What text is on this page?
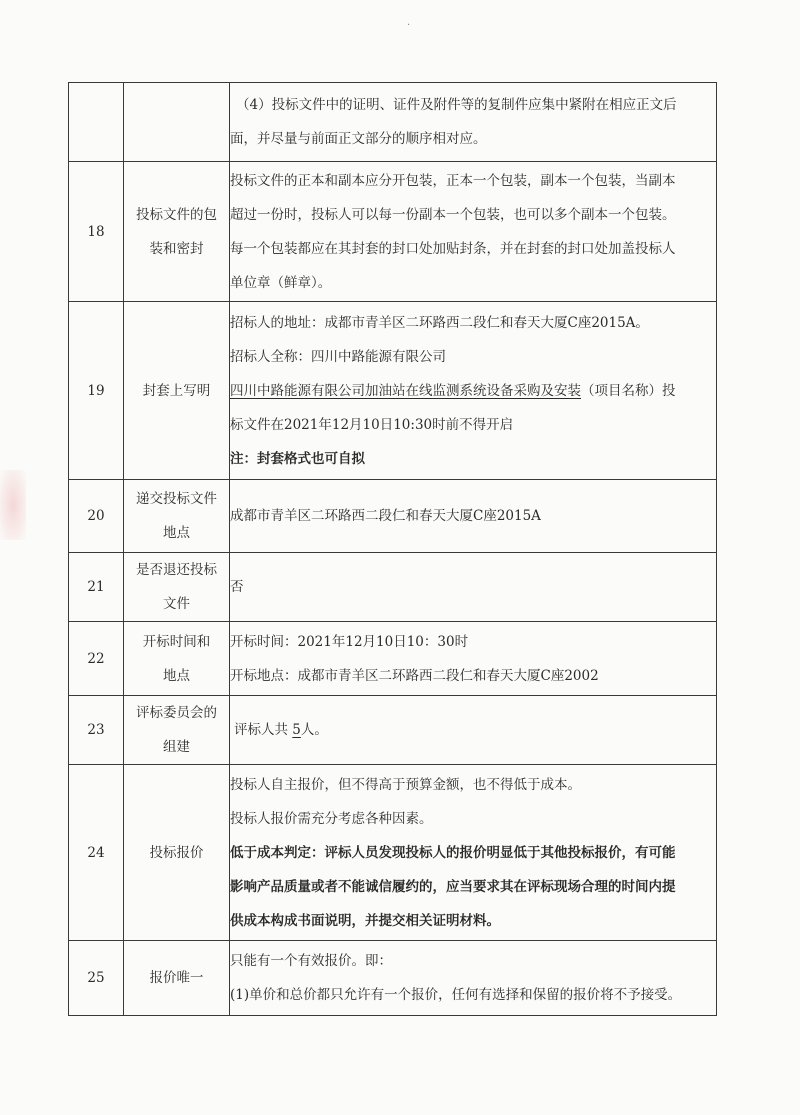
·

		（4）投标文件中的证明、证件及附件等的复制件应集中紧附在相应正文后
面，并尽量与前面正文部分的顺序相对应。

18	投标文件的包
装和密封	投标文件的正本和副本应分开包装，正本一个包装，副本一个包装，当副本
超过一份时，投标人可以每一份副本一个包装，也可以多个副本一个包装。
每一个包装都应在其封套的封口处加贴封条，并在封套的封口处加盖投标人
单位章（鲜章）。

19	封套上写明	招标人的地址：成都市青羊区二环路西二段仁和春天大厦C座2015A。
招标人全称：四川中路能源有限公司
四川中路能源有限公司加油站在线监测系统设备采购及安装（项目名称）投
标文件在2021年12月10日10:30时前不得开启
注：封套格式也可自拟

20	递交投标文件
地点	成都市青羊区二环路西二段仁和春天大厦C座2015A

21	是否退还投标
文件	否

22	开标时间和
地点	开标时间：2021年12月10日10：30时
开标地点：成都市青羊区二环路西二段仁和春天大厦C座2002

23	评标委员会的
组建	评标人共 5人。

24	投标报价	投标人自主报价，但不得高于预算金额，也不得低于成本。
投标人报价需充分考虑各种因素。
低于成本判定：评标人员发现投标人的报价明显低于其他投标报价，有可能
影响产品质量或者不能诚信履约的，应当要求其在评标现场合理的时间内提
供成本构成书面说明，并提交相关证明材料。

25	报价唯一	只能有一个有效报价。即：
(1)单价和总价都只允许有一个报价，任何有选择和保留的报价将不予接受。
